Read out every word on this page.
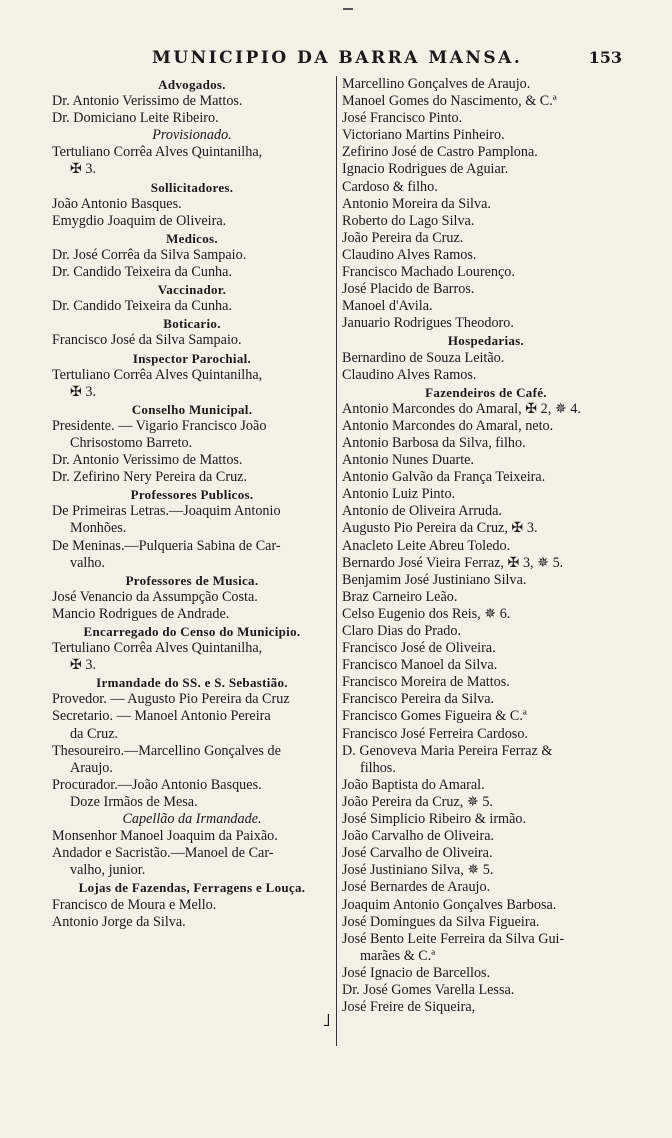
MUNICIPIO DA BARRA MANSA.	153
Advogados.
Dr. Antonio Verissimo de Mattos.
Dr. Domiciano Leite Ribeiro.
Provisionado.
Tertuliano Corrêa Alves Quintanilha,
✠ 3.
Sollicitadores.
João Antonio Basques.
Emygdio Joaquim de Oliveira.
Medicos.
Dr. José Corrêa da Silva Sampaio.
Dr. Candido Teixeira da Cunha.
Vaccinador.
Dr. Candido Teixeira da Cunha.
Boticario.
Francisco José da Silva Sampaio.
Inspector Parochial.
Tertuliano Corrêa Alves Quintanilha,
✠ 3.
Conselho Municipal.
Presidente. — Vigario Francisco João
Chrisostomo Barreto.
Dr. Antonio Verissimo de Mattos.
Dr. Zefirino Nery Pereira da Cruz.
Professores Publicos.
De Primeiras Letras.—Joaquim Antonio
Monhões.
De Meninas.—Pulqueria Sabina de Car-
valho.
Professores de Musica.
José Venancio da Assumpção Costa.
Mancio Rodrigues de Andrade.
Encarregado do Censo do Municipio.
Tertuliano Corrêa Alves Quintanilha,
✠ 3.
Irmandade do SS. e S. Sebastião.
Provedor. — Augusto Pio Pereira da Cruz
Secretario. — Manoel Antonio Pereira
da Cruz.
Thesoureiro.—Marcellino Gonçalves de
Araujo.
Procurador.—João Antonio Basques.
Doze Irmãos de Mesa.
Capellão da Irmandade.
Monsenhor Manoel Joaquim da Paixão.
Andador e Sacristão.—Manoel de Car-
valho, junior.
Lojas de Fazendas, Ferragens e Louça.
Francisco de Moura e Mello.
Antonio Jorge da Silva.
Marcellino Gonçalves de Araujo.
Manoel Gomes do Nascimento, & C.ª
José Francisco Pinto.
Victoriano Martins Pinheiro.
Zefirino José de Castro Pamplona.
Ignacio Rodrigues de Aguiar.
Cardoso & filho.
Antonio Moreira da Silva.
Roberto do Lago Silva.
João Pereira da Cruz.
Claudino Alves Ramos.
Francisco Machado Lourenço.
José Placido de Barros.
Manoel d'Avila.
Januario Rodrigues Theodoro.
Hospedarias.
Bernardino de Souza Leitão.
Claudino Alves Ramos.
Fazendeiros de Café.
Antonio Marcondes do Amaral, ✠ 2, ✵ 4.
Antonio Marcondes do Amaral, neto.
Antonio Barbosa da Silva, filho.
Antonio Nunes Duarte.
Antonio Galvão da França Teixeira.
Antonio Luiz Pinto.
Antonio de Oliveira Arruda.
Augusto Pio Pereira da Cruz, ✠ 3.
Anacleto Leite Abreu Toledo.
Bernardo José Vieira Ferraz, ✠ 3, ✵ 5.
Benjamim José Justiniano Silva.
Braz Carneiro Leão.
Celso Eugenio dos Reis, ✵ 6.
Claro Dias do Prado.
Francisco José de Oliveira.
Francisco Manoel da Silva.
Francisco Moreira de Mattos.
Francisco Pereira da Silva.
Francisco Gomes Figueira & C.ª
Francisco José Ferreira Cardoso.
D. Genoveva Maria Pereira Ferraz &
filhos.
João Baptista do Amaral.
João Pereira da Cruz, ✵ 5.
José Simplicio Ribeiro & irmão.
João Carvalho de Oliveira.
José Carvalho de Oliveira.
José Justiniano Silva, ✵ 5.
José Bernardes de Araujo.
Joaquim Antonio Gonçalves Barbosa.
José Domingues da Silva Figueira.
José Bento Leite Ferreira da Silva Gui-
marães & C.ª
José Ignacio de Barcellos.
Dr. José Gomes Varella Lessa.
José Freire de Siqueira,
˩
